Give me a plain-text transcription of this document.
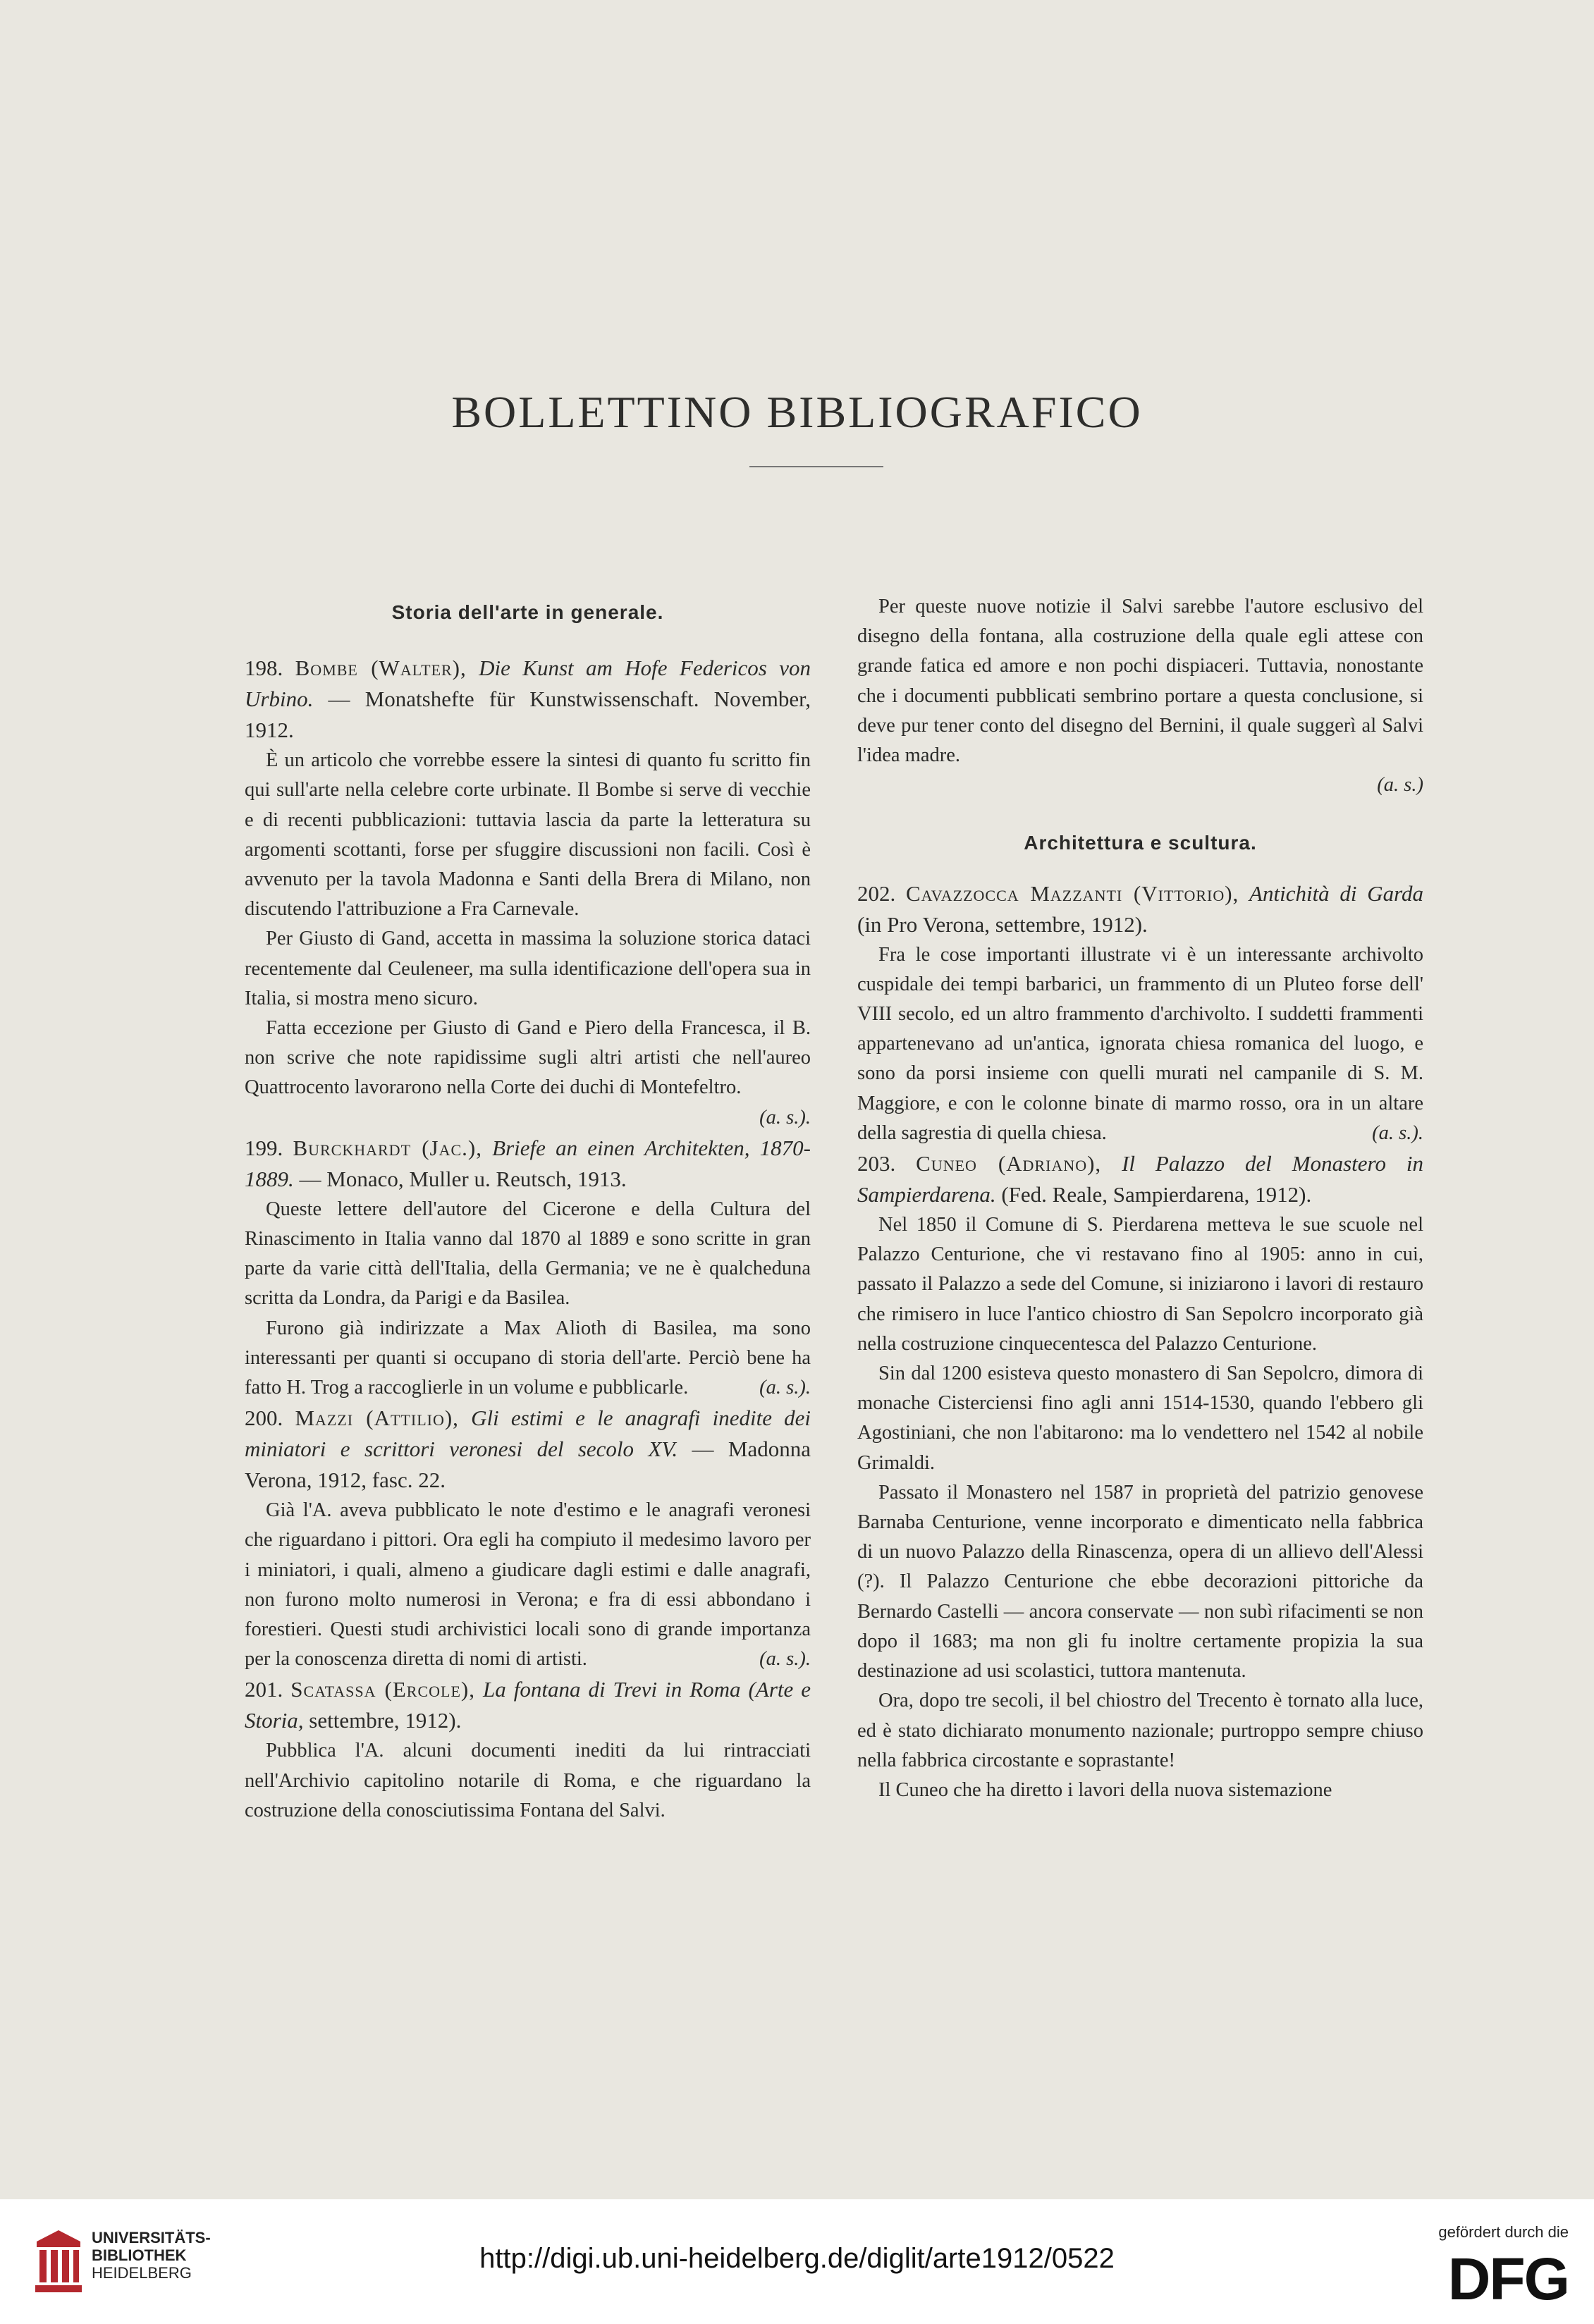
BOLLETTINO BIBLIOGRAFICO
Storia dell'arte in generale.

198. Bombe (Walter), Die Kunst am Hofe Federicos von Urbino. — Monatshefte für Kunstwissenschaft. November, 1912.

È un articolo che vorrebbe essere la sintesi di quanto fu scritto fin qui sull'arte nella celebre corte urbinate. Il Bombe si serve di vecchie e di recenti pubblicazioni: tuttavia lascia da parte la letteratura su argomenti scottanti, forse per sfuggire discussioni non facili. Così è avvenuto per la tavola Madonna e Santi della Brera di Milano, non discutendo l'attribuzione a Fra Carnevale.

Per Giusto di Gand, accetta in massima la soluzione storica dataci recentemente dal Ceuleneer, ma sulla identificazione dell'opera sua in Italia, si mostra meno sicuro.

Fatta eccezione per Giusto di Gand e Piero della Francesca, il B. non scrive che note rapidissime sugli altri artisti che nell'aureo Quattrocento lavorarono nella Corte dei duchi di Montefeltro.
(a. s.).

199. Burckhardt (Jac.), Briefe an einen Architekten, 1870-1889. — Monaco, Muller u. Reutsch, 1913.

Queste lettere dell'autore del Cicerone e della Cultura del Rinascimento in Italia vanno dal 1870 al 1889 e sono scritte in gran parte da varie città dell'Italia, della Germania; ve ne è qualcheduna scritta da Londra, da Parigi e da Basilea.

Furono già indirizzate a Max Alioth di Basilea, ma sono interessanti per quanti si occupano di storia dell'arte. Perciò bene ha fatto H. Trog a raccoglierle in un volume e pubblicarle.	(a. s.).

200. Mazzi (Attilio), Gli estimi e le anagrafi inedite dei miniatori e scrittori veronesi del secolo XV. — Madonna Verona, 1912, fasc. 22.

Già l'A. aveva pubblicato le note d'estimo e le anagrafi veronesi che riguardano i pittori. Ora egli ha compiuto il medesimo lavoro per i miniatori, i quali, almeno a giudicare dagli estimi e dalle anagrafi, non furono molto numerosi in Verona; e fra di essi abbondano i forestieri. Questi studi archivistici locali sono di grande importanza per la conoscenza diretta di nomi di artisti.	(a. s.).

201. Scatassa (Ercole), La fontana di Trevi in Roma (Arte e Storia, settembre, 1912).

Pubblica l'A. alcuni documenti inediti da lui rintracciati nell'Archivio capitolino notarile di Roma, e che riguardano la costruzione della conosciutissima Fontana del Salvi.

Per queste nuove notizie il Salvi sarebbe l'autore esclusivo del disegno della fontana, alla costruzione della quale egli attese con grande fatica ed amore e non pochi dispiaceri. Tuttavia, nonostante che i documenti pubblicati sembrino portare a questa conclusione, si deve pur tener conto del disegno del Bernini, il quale suggerì al Salvi l'idea madre.

(a. s.)

Architettura e scultura.

202. Cavazzocca Mazzanti (Vittorio), Antichità di Garda (in Pro Verona, settembre, 1912).

Fra le cose importanti illustrate vi è un interessante archivolto cuspidale dei tempi barbarici, un frammento di un Pluteo forse dell' VIII secolo, ed un altro frammento d'archivolto. I suddetti frammenti appartenevano ad un'antica, ignorata chiesa romanica del luogo, e sono da porsi insieme con quelli murati nel campanile di S. M. Maggiore, e con le colonne binate di marmo rosso, ora in un altare della sagrestia di quella chiesa.	(a. s.).

203. Cuneo (Adriano), Il Palazzo del Monastero in Sampierdarena. (Fed. Reale, Sampierdarena, 1912).

Nel 1850 il Comune di S. Pierdarena metteva le sue scuole nel Palazzo Centurione, che vi restavano fino al 1905: anno in cui, passato il Palazzo a sede del Comune, si iniziarono i lavori di restauro che rimisero in luce l'antico chiostro di San Sepolcro incorporato già nella costruzione cinquecentesca del Palazzo Centurione.

Sin dal 1200 esisteva questo monastero di San Sepolcro, dimora di monache Cisterciensi fino agli anni 1514-1530, quando l'ebbero gli Agostiniani, che non l'abitarono: ma lo vendettero nel 1542 al nobile Grimaldi.

Passato il Monastero nel 1587 in proprietà del patrizio genovese Barnaba Centurione, venne incorporato e dimenticato nella fabbrica di un nuovo Palazzo della Rinascenza, opera di un allievo dell'Alessi (?). Il Palazzo Centurione che ebbe decorazioni pittoriche da Bernardo Castelli — ancora conservate — non subì rifacimenti se non dopo il 1683; ma non gli fu inoltre certamente propizia la sua destinazione ad usi scolastici, tuttora mantenuta.

Ora, dopo tre secoli, il bel chiostro del Trecento è tornato alla luce, ed è stato dichiarato monumento nazionale; purtroppo sempre chiuso nella fabbrica circostante e soprastante!

Il Cuneo che ha diretto i lavori della nuova sistemazione

UNIVERSITÄTS-
BIBLIOTHEK
HEIDELBERG	http://digi.ub.uni-heidelberg.de/diglit/arte1912/0522
gefördert durch die
DFG
